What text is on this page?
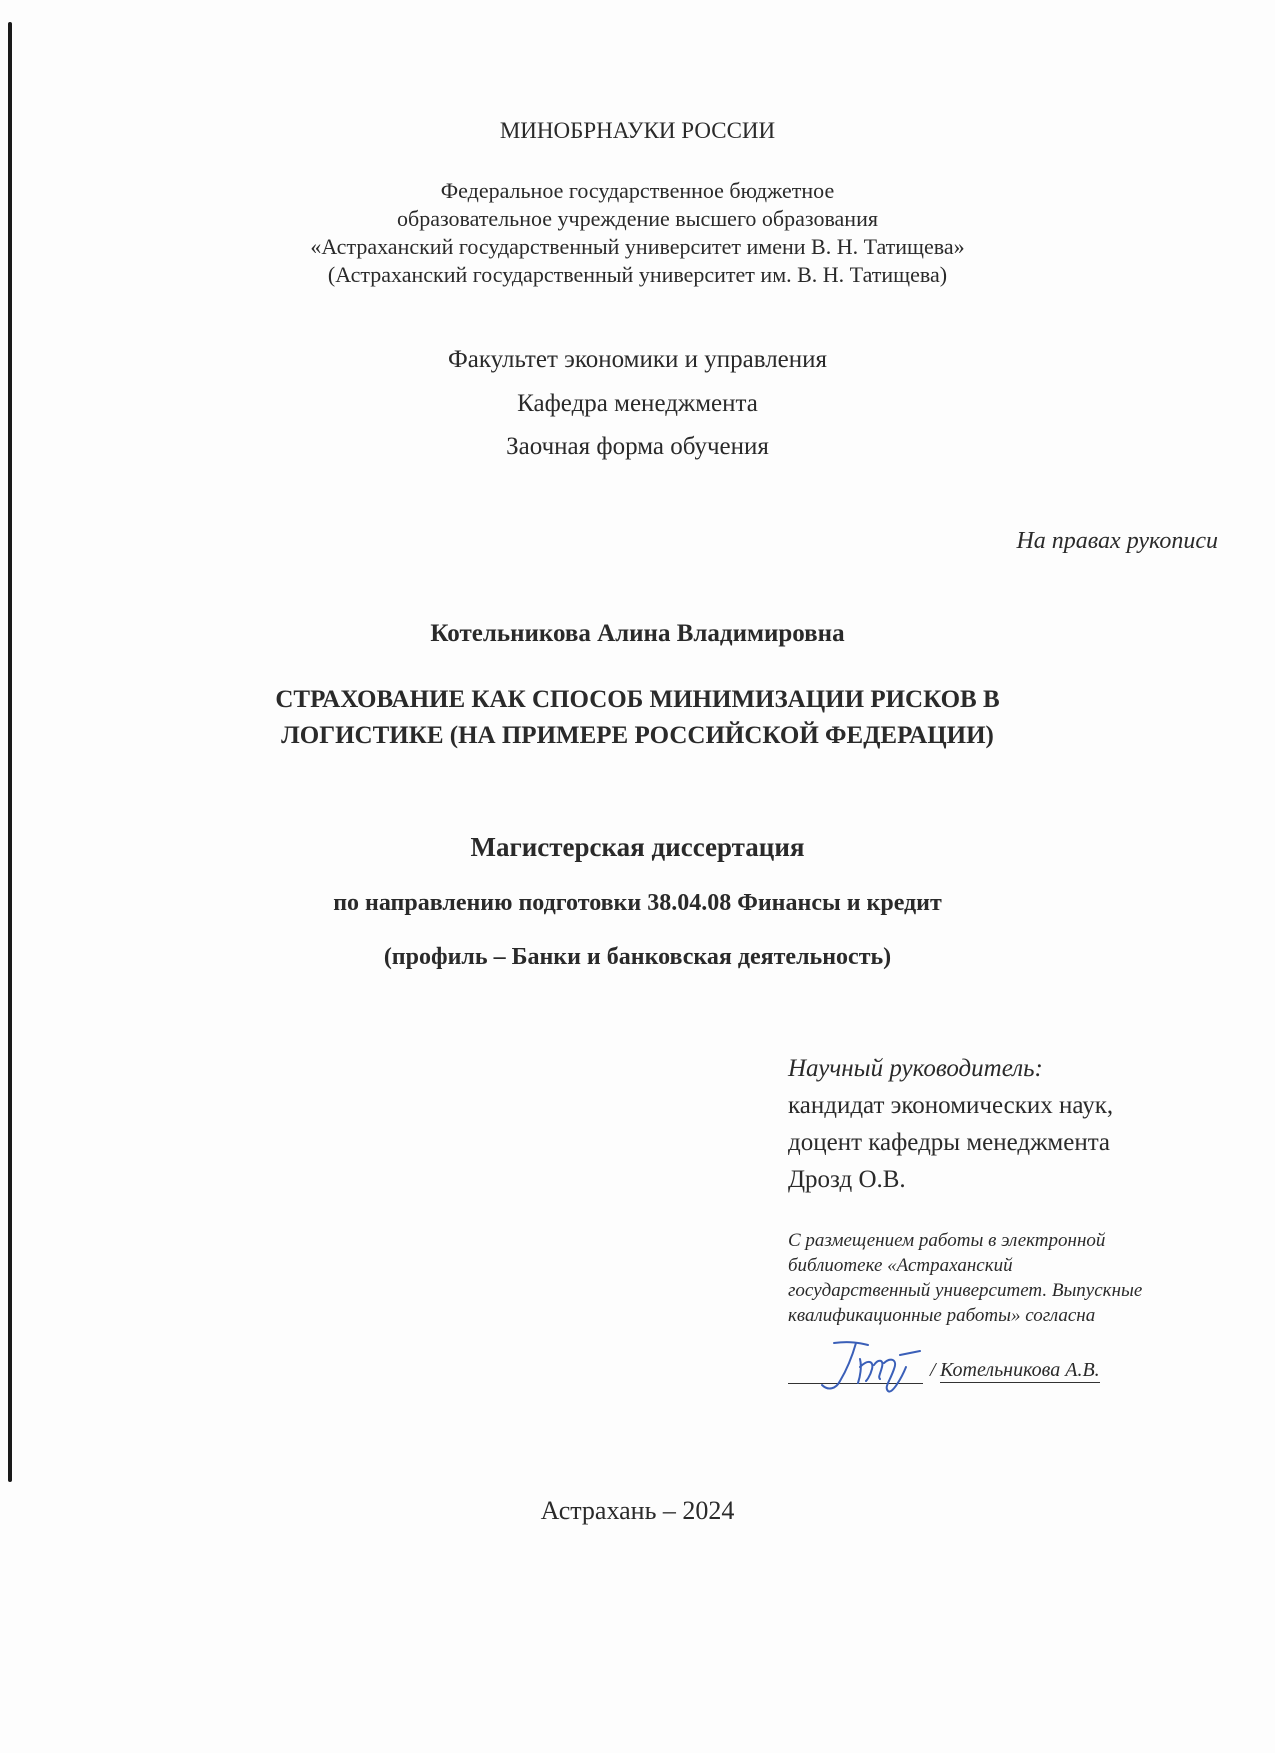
МИНОБРНАУКИ РОССИИ
Федеральное государственное бюджетное
образовательное учреждение высшего образования
«Астраханский государственный университет имени В. Н. Татищева»
(Астраханский государственный университет им. В. Н. Татищева)
Факультет экономики и управления
Кафедра менеджмента
Заочная форма обучения
На правах рукописи
Котельникова Алина Владимировна
СТРАХОВАНИЕ КАК СПОСОБ МИНИМИЗАЦИИ РИСКОВ В
ЛОГИСТИКЕ (НА ПРИМЕРЕ РОССИЙСКОЙ ФЕДЕРАЦИИ)
Магистерская диссертация
по направлению подготовки 38.04.08 Финансы и кредит
(профиль – Банки и банковская деятельность)
Научный руководитель:
кандидат экономических наук,
доцент кафедры менеджмента
Дрозд О.В.
С размещением работы в электронной
библиотеке «Астраханский
государственный университет. Выпускные
квалификационные работы» согласна
/ Котельникова А.В.
Астрахань – 2024
